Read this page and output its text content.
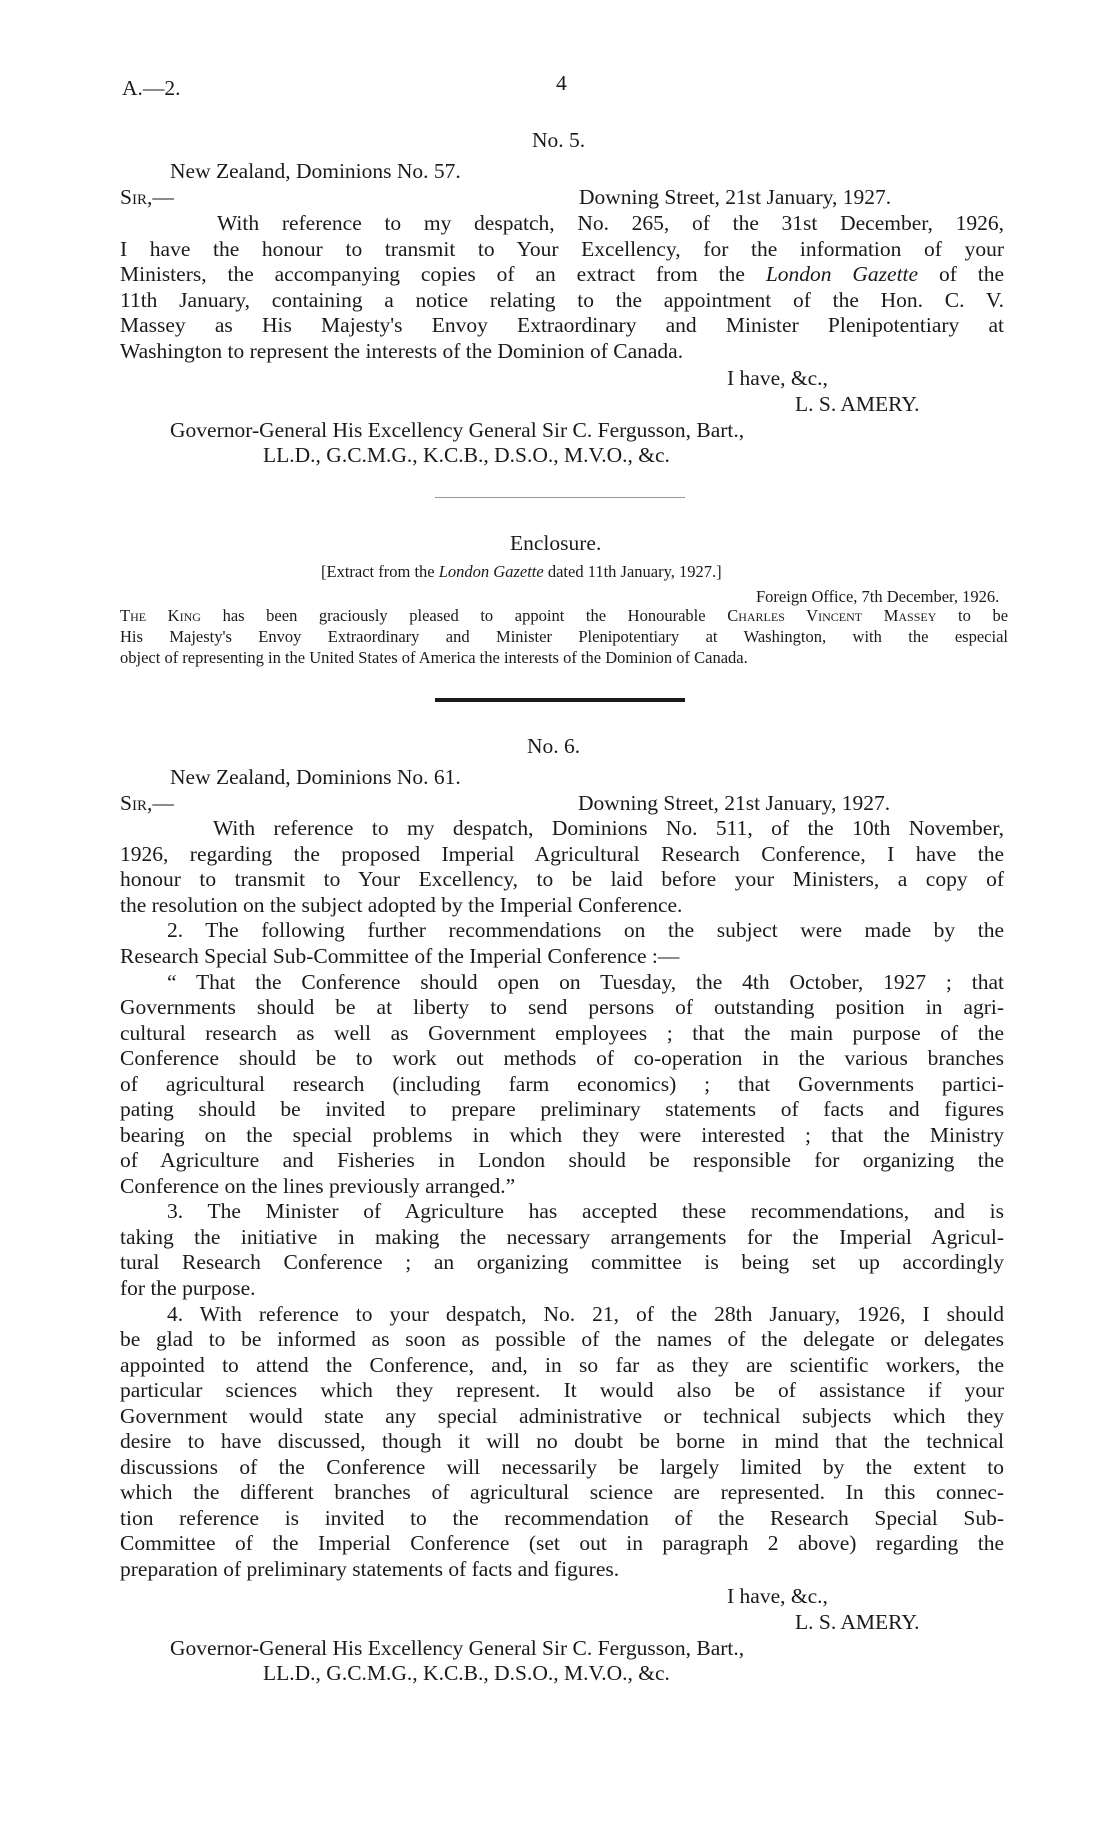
A.—2.	4
No. 5.
New Zealand, Dominions No. 57.
Sir,—	Downing Street, 21st January, 1927.
With reference to my despatch, No. 265, of the 31st December, 1926,
I have the honour to transmit to Your Excellency, for the information of your
Ministers, the accompanying copies of an extract from the London Gazette of the
11th January, containing a notice relating to the appointment of the Hon. C. V.
Massey as His Majesty's Envoy Extraordinary and Minister Plenipotentiary at
Washington to represent the interests of the Dominion of Canada.
I have, &c.,
L. S. AMERY.
Governor-General His Excellency General Sir C. Fergusson, Bart.,
LL.D., G.C.M.G., K.C.B., D.S.O., M.V.O., &c.
Enclosure.
[Extract from the London Gazette dated 11th January, 1927.]
Foreign Office, 7th December, 1926.
The King has been graciously pleased to appoint the Honourable Charles Vincent Massey to be
His Majesty's Envoy Extraordinary and Minister Plenipotentiary at Washington, with the especial
object of representing in the United States of America the interests of the Dominion of Canada.
No. 6.
New Zealand, Dominions No. 61.
Sir,—	Downing Street, 21st January, 1927.
With reference to my despatch, Dominions No. 511, of the 10th November,
1926, regarding the proposed Imperial Agricultural Research Conference, I have the
honour to transmit to Your Excellency, to be laid before your Ministers, a copy of
the resolution on the subject adopted by the Imperial Conference.
2. The following further recommendations on the subject were made by the
Research Special Sub-Committee of the Imperial Conference :—
“ That the Conference should open on Tuesday, the 4th October, 1927 ; that
Governments should be at liberty to send persons of outstanding position in agri-
cultural research as well as Government employees ; that the main purpose of the
Conference should be to work out methods of co-operation in the various branches
of agricultural research (including farm economics) ; that Governments partici-
pating should be invited to prepare preliminary statements of facts and figures
bearing on the special problems in which they were interested ; that the Ministry
of Agriculture and Fisheries in London should be responsible for organizing the
Conference on the lines previously arranged.”
3. The Minister of Agriculture has accepted these recommendations, and is
taking the initiative in making the necessary arrangements for the Imperial Agricul-
tural Research Conference ; an organizing committee is being set up accordingly
for the purpose.
4. With reference to your despatch, No. 21, of the 28th January, 1926, I should
be glad to be informed as soon as possible of the names of the delegate or delegates
appointed to attend the Conference, and, in so far as they are scientific workers, the
particular sciences which they represent. It would also be of assistance if your
Government would state any special administrative or technical subjects which they
desire to have discussed, though it will no doubt be borne in mind that the technical
discussions of the Conference will necessarily be largely limited by the extent to
which the different branches of agricultural science are represented. In this connec-
tion reference is invited to the recommendation of the Research Special Sub-
Committee of the Imperial Conference (set out in paragraph 2 above) regarding the
preparation of preliminary statements of facts and figures.
I have, &c.,
L. S. AMERY.
Governor-General His Excellency General Sir C. Fergusson, Bart.,
LL.D., G.C.M.G., K.C.B., D.S.O., M.V.O., &c.
